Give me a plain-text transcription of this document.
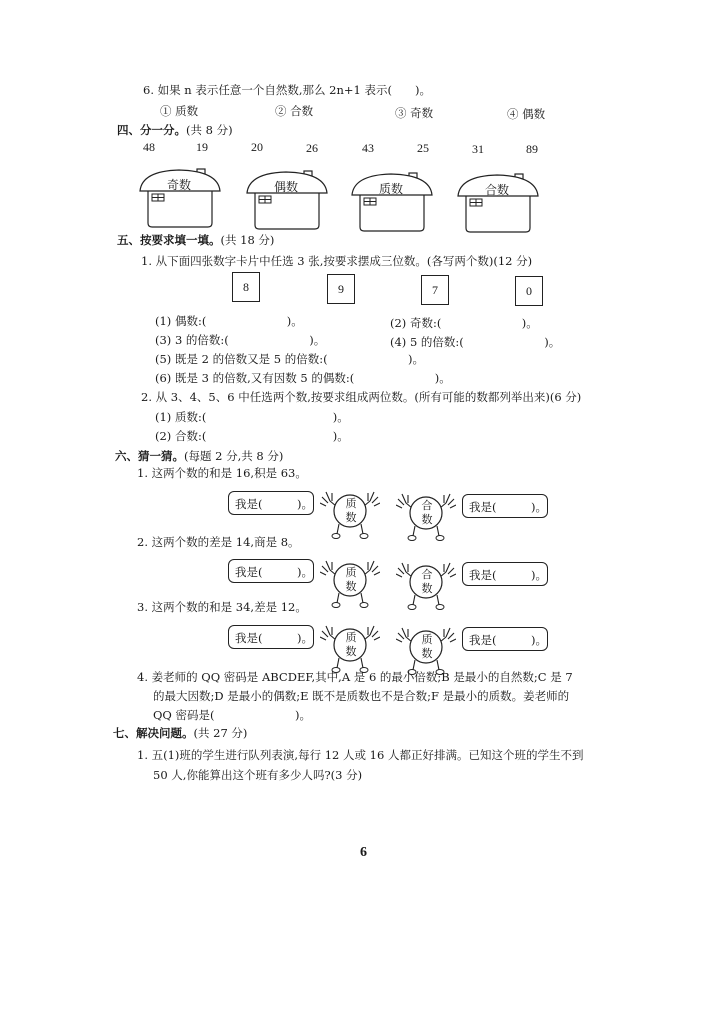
6. 如果 n 表示任意一个自然数,那么 2n+1 表示(　　)。
① 质数	② 合数	③ 奇数	④ 偶数
四、分一分。(共 8 分)
48	19	20	26	43	25	31	89
奇数	偶数	质数	合数
五、按要求填一填。(共 18 分)
1. 从下面四张数字卡片中任选 3 张,按要求摆成三位数。(各写两个数)(12 分)
8	9	7	0
(1) 偶数:(　　　　　　　)。	(2) 奇数:(　　　　　　　)。
(3) 3 的倍数:(　　　　　　　)。	(4) 5 的倍数:(　　　　　　　)。
(5) 既是 2 的倍数又是 5 的倍数:(　　　　　　　)。
(6) 既是 3 的倍数,又有因数 5 的偶数:(　　　　　　　)。
2. 从 3、4、5、6 中任选两个数,按要求组成两位数。(所有可能的数都列举出来)(6 分)
(1) 质数:(　　　　　　　　　　　)。
(2) 合数:(　　　　　　　　　　　)。
六、猜一猜。(每题 2 分,共 8 分)
1. 这两个数的和是 16,积是 63。
我是(　　　)。	质
数
合
数
我是(　　　)。
2. 这两个数的差是 14,商是 8。
我是(　　　)。	质
数
合
数
我是(　　　)。
3. 这两个数的和是 34,差是 12。
我是(　　　)。	质
数
质
数
我是(　　　)。
4. 姜老师的 QQ 密码是 ABCDEF,其中,A 是 6 的最小倍数;B 是最小的自然数;C 是 7
的最大因数;D 是最小的偶数;E 既不是质数也不是合数;F 是最小的质数。姜老师的
QQ 密码是(　　　　　　　)。
七、解决问题。(共 27 分)
1. 五(1)班的学生进行队列表演,每行 12 人或 16 人都正好排满。已知这个班的学生不到
50 人,你能算出这个班有多少人吗?(3 分)
6
